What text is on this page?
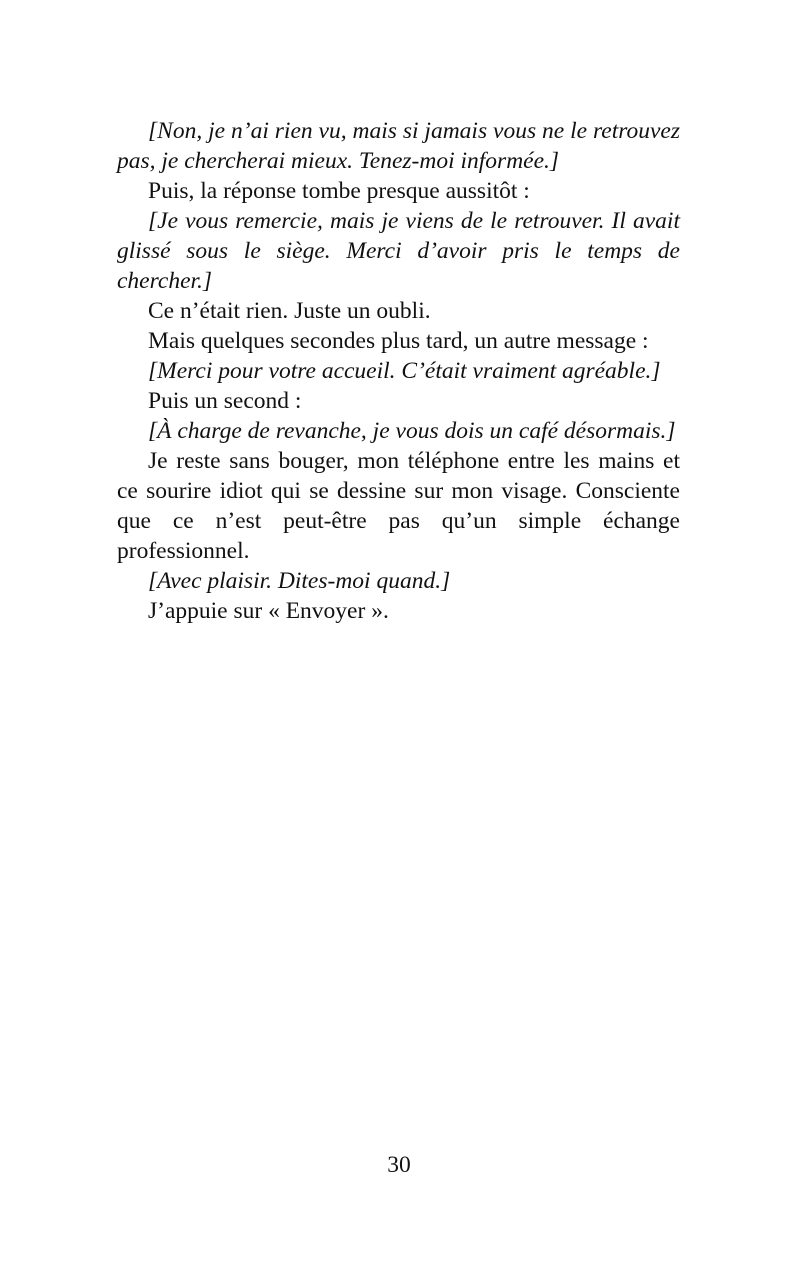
[Non, je n’ai rien vu, mais si jamais vous ne le retrouvez pas, je chercherai mieux. Tenez-moi informée.]

Puis, la réponse tombe presque aussitôt :

[Je vous remercie, mais je viens de le retrouver. Il avait glissé sous le siège. Merci d’avoir pris le temps de chercher.]

Ce n’était rien. Juste un oubli.

Mais quelques secondes plus tard, un autre message :

[Merci pour votre accueil. C’était vraiment agréable.]

Puis un second :

[À charge de revanche, je vous dois un café désormais.]

Je reste sans bouger, mon téléphone entre les mains et ce sourire idiot qui se dessine sur mon visage. Consciente que ce n’est peut-être pas qu’un simple échange professionnel.

[Avec plaisir. Dites-moi quand.]

J’appuie sur « Envoyer ».

30
